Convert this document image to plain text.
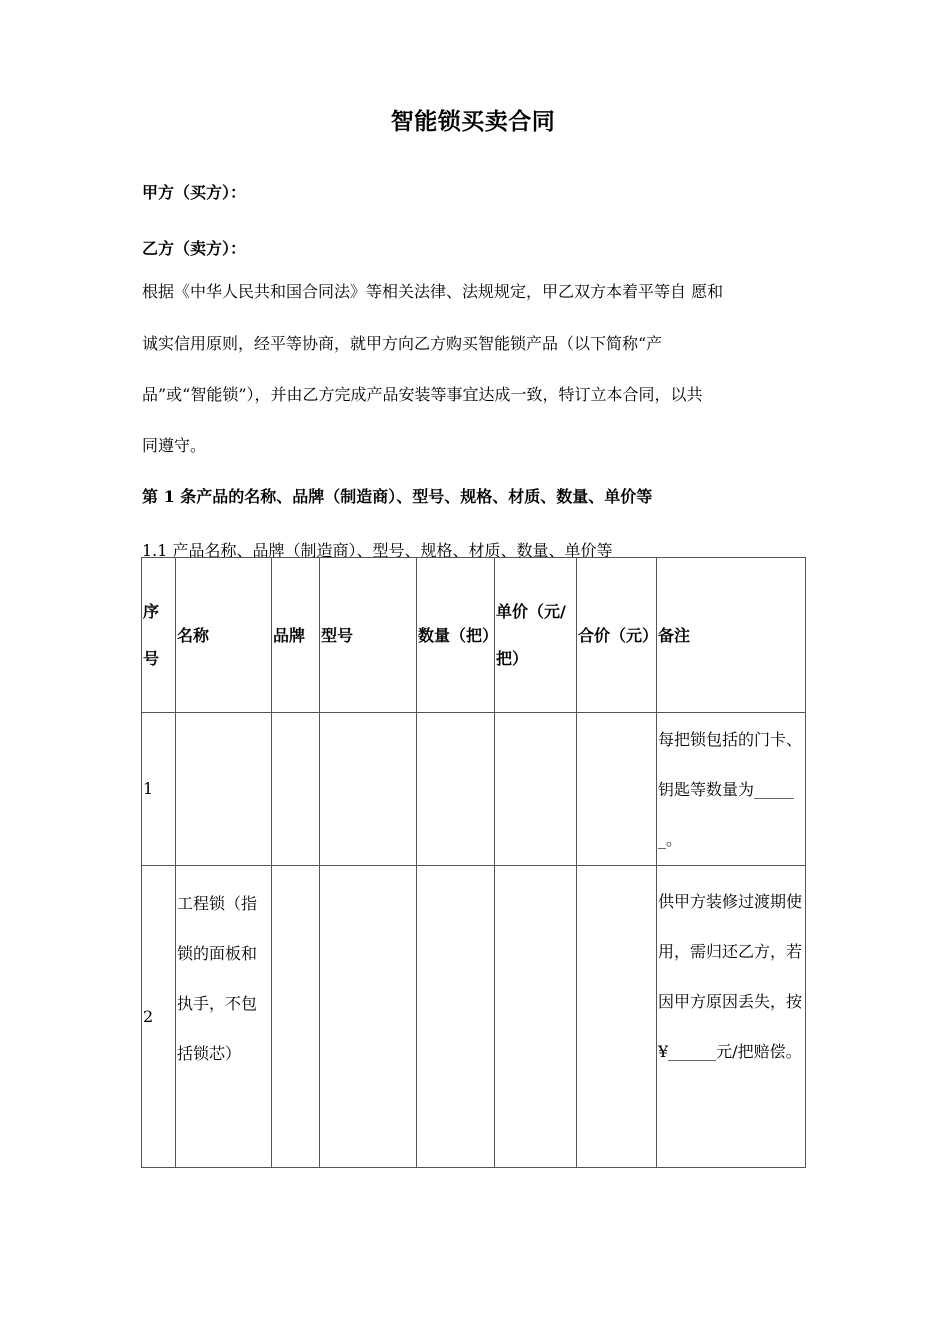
智能锁买卖合同
甲方（买方）：
乙方（卖方）：
根据《中华人民共和国合同法》等相关法律、法规规定，甲乙双方本着平等自 愿和
诚实信用原则，经平等协商，就甲方向乙方购买智能锁产品（以下简称“产
品”或“智能锁”），并由乙方完成产品安装等事宜达成一致，特订立本合同，以共
同遵守。
第 1 条产品的名称、品牌（制造商）、型号、规格、材质、数量、单价等
1.1 产品名称、品牌（制造商）、型号、规格、材质、数量、单价等
序号	名称	品牌	型号	数量（把）	单价（元/把）	合价（元）	备注
1							每把锁包括的门卡、钥匙等数量为______。
2	工程锁（指锁的面板和执手，不包括锁芯）						供甲方装修过渡期使用，需归还乙方，若因甲方原因丢失，按¥______元/把赔偿。
